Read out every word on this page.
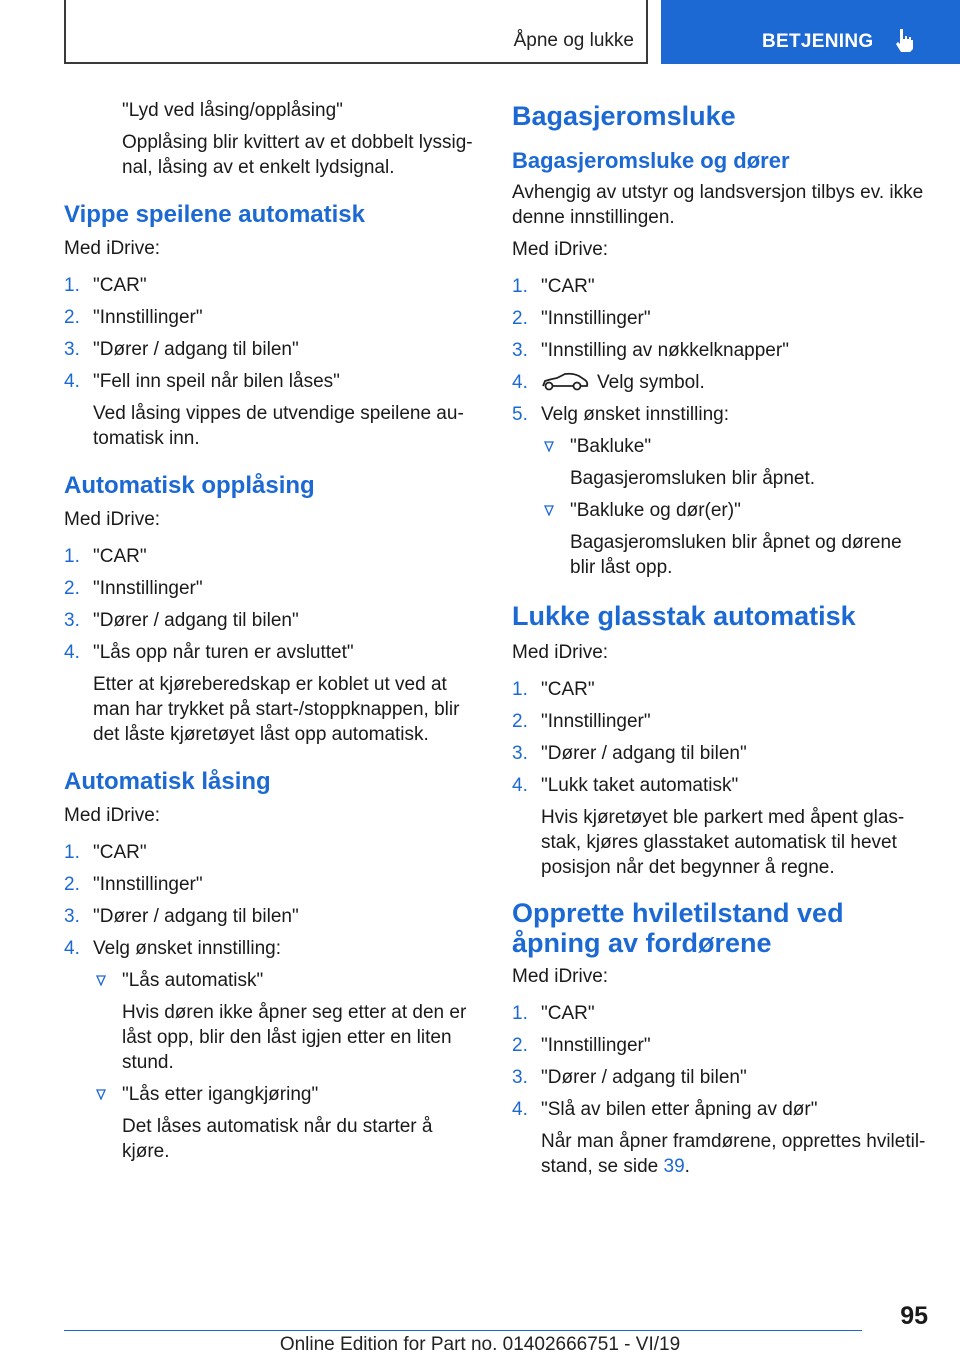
Åpne og lukke	BETJENING

"Lyd ved låsing/opplåsing"

Opplåsing blir kvittert av et dobbelt lyssig-nal, låsing av et enkelt lydsignal.

Vippe speilene automatisk

Med iDrive:

1. "CAR"
2. "Innstillinger"
3. "Dører / adgang til bilen"
4. "Fell inn speil når bilen låses"
Ved låsing vippes de utvendige speilene au-tomatisk inn.
Automatisk opplåsing

Med iDrive:

1. "CAR"
2. "Innstillinger"
3. "Dører / adgang til bilen"
4. "Lås opp når turen er avsluttet"
Etter at kjøreberedskap er koblet ut ved at man har trykket på start-/stoppknappen, blir det låste kjøretøyet låst opp automatisk.
Automatisk låsing

Med iDrive:

1. "CAR"
2. "Innstillinger"
3. "Dører / adgang til bilen"
4. Velg ønsket innstilling:
"Lås automatisk"
Hvis døren ikke åpner seg etter at den er låst opp, blir den låst igjen etter en liten stund.
"Lås etter igangkjøring"
Det låses automatisk når du starter å kjøre.
Bagasjeromsluke
Bagasjeromsluke og dører

Avhengig av utstyr og landsversjon tilbys ev. ikke denne innstillingen.

Med iDrive:

1. "CAR"
2. "Innstillinger"
3. "Innstilling av nøkkelknapper"
4.	Velg symbol.
5. Velg ønsket innstilling:
"Bakluke"
Bagasjeromsluken blir åpnet.
"Bakluke og dør(er)"
Bagasjeromsluken blir åpnet og dørene blir låst opp.
Lukke glasstak automatisk

Med iDrive:

1. "CAR"
2. "Innstillinger"
3. "Dører / adgang til bilen"
4. "Lukk taket automatisk"
Hvis kjøretøyet ble parkert med åpent glas-stak, kjøres glasstaket automatisk til hevet posisjon når det begynner å regne.
Opprette hviletilstand ved åpning av fordørene

Med iDrive:

1. "CAR"
2. "Innstillinger"
3. "Dører / adgang til bilen"
4. "Slå av bilen etter åpning av dør"
Når man åpner framdørene, opprettes hviletil-stand, se side 39.
95
Online Edition for Part no. 01402666751 - VI/19
